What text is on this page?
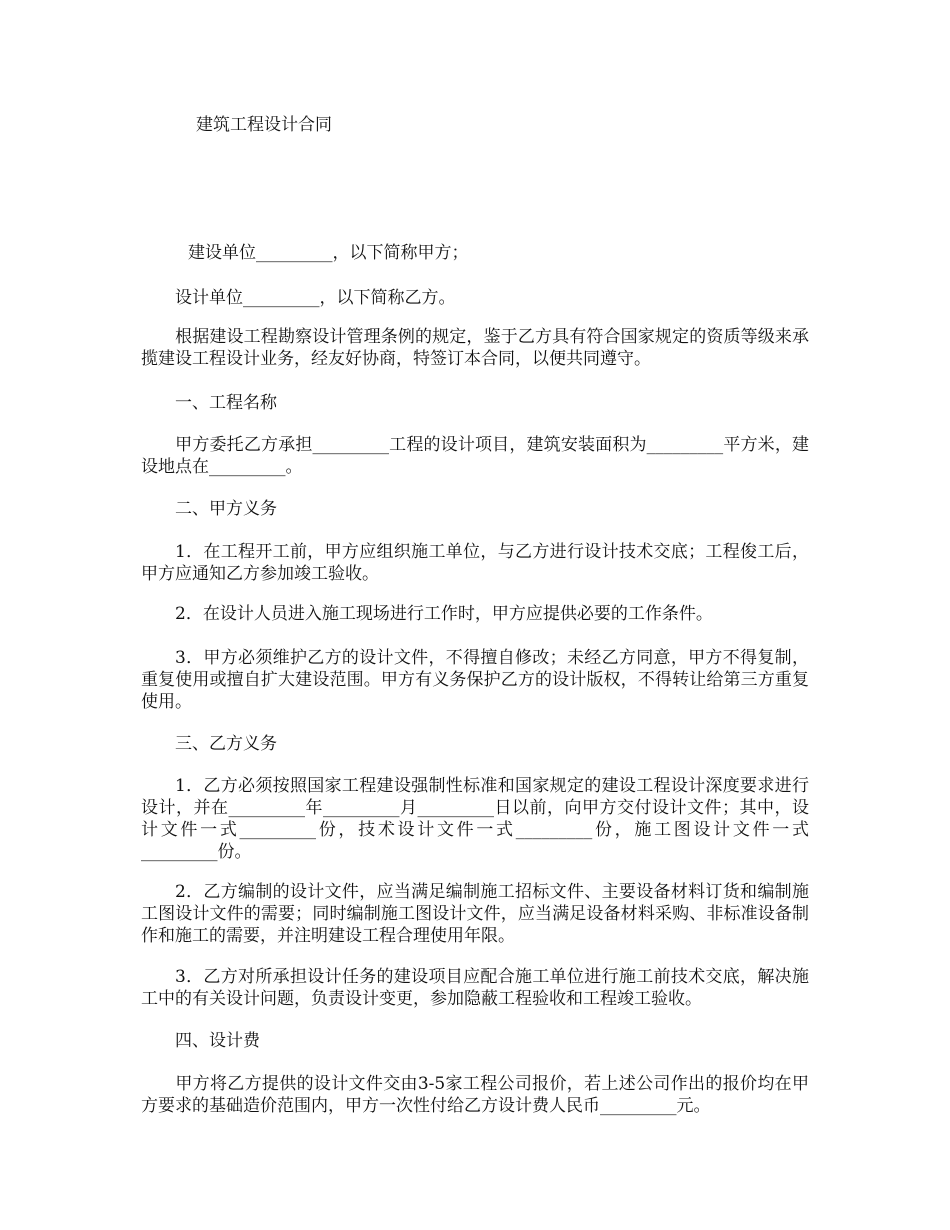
建筑工程设计合同
建设单位_________，以下简称甲方；
设计单位_________，以下简称乙方。
根据建设工程勘察设计管理条例的规定，鉴于乙方具有符合国家规定的资质等级来承揽建设工程设计业务，经友好协商，特签订本合同，以便共同遵守。
一、工程名称
甲方委托乙方承担_________工程的设计项目，建筑安装面积为_________平方米，建设地点在_________。
二、甲方义务
1．在工程开工前，甲方应组织施工单位，与乙方进行设计技术交底；工程俊工后，甲方应通知乙方参加竣工验收。
2．在设计人员进入施工现场进行工作时，甲方应提供必要的工作条件。
3．甲方必须维护乙方的设计文件，不得擅自修改；未经乙方同意，甲方不得复制，重复使用或擅自扩大建设范围。甲方有义务保护乙方的设计版权，不得转让给第三方重复使用。
三、乙方义务
1．乙方必须按照国家工程建设强制性标准和国家规定的建设工程设计深度要求进行设计，并在_________年_________月_________日以前，向甲方交付设计文件；其中，设计文件一式_________份，技术设计文件一式_________份，施工图设计文件一式_________份。
2．乙方编制的设计文件，应当满足编制施工招标文件、主要设备材料订货和编制施工图设计文件的需要；同时编制施工图设计文件，应当满足设备材料采购、非标准设备制作和施工的需要，并注明建设工程合理使用年限。
3．乙方对所承担设计任务的建设项目应配合施工单位进行施工前技术交底，解决施工中的有关设计问题，负责设计变更，参加隐蔽工程验收和工程竣工验收。
四、设计费
甲方将乙方提供的设计文件交由3-5家工程公司报价，若上述公司作出的报价均在甲方要求的基础造价范围内，甲方一次性付给乙方设计费人民币_________元。
